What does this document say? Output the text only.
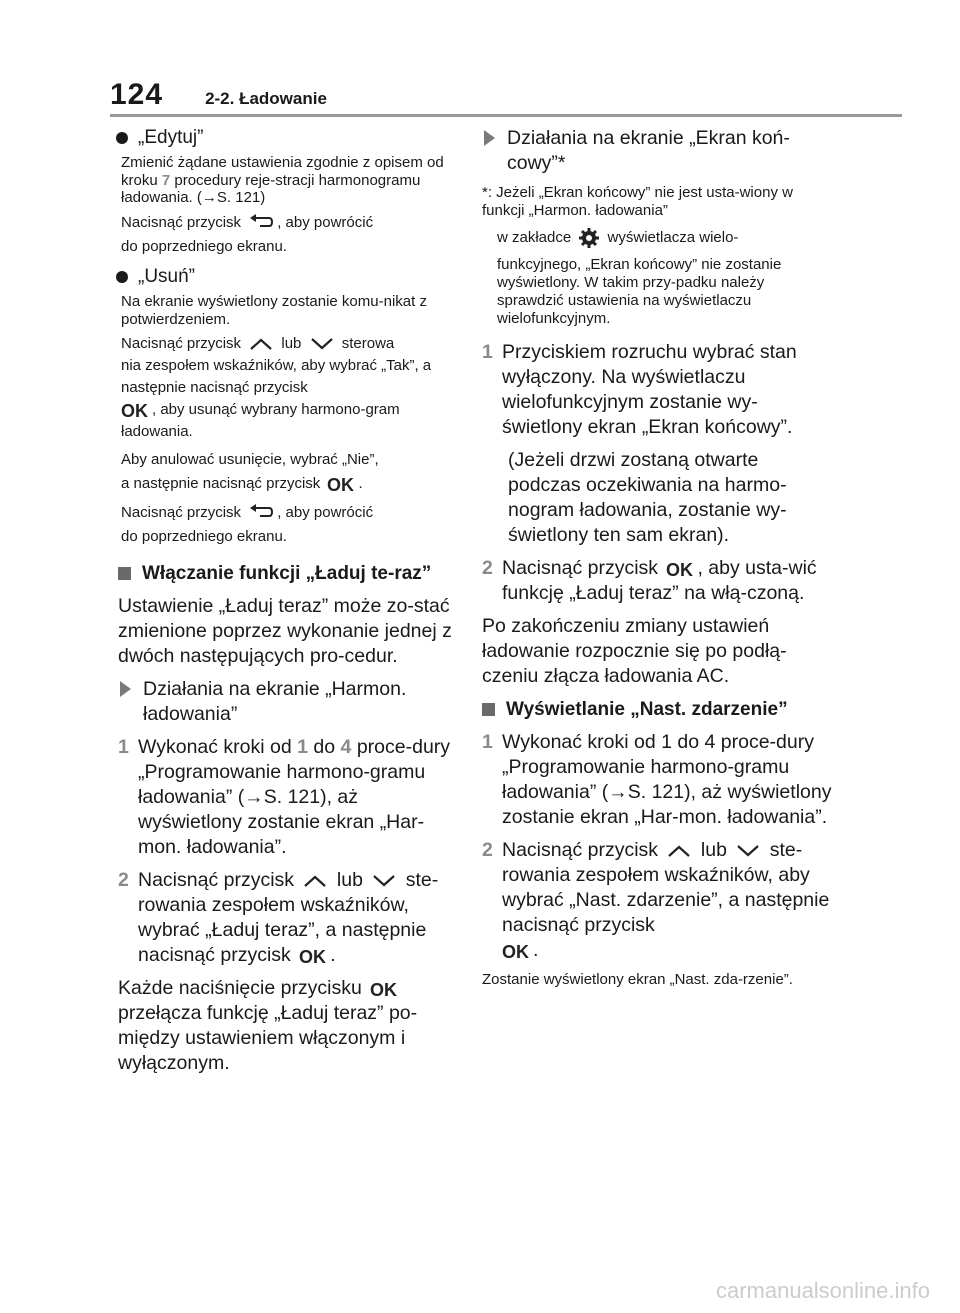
124 2-2. Ładowanie
„Edytuj”
Zmienić żądane ustawienia zgodnie z opisem od kroku 7 procedury reje-stracji harmonogramu ładowania. (→S. 121)
Nacisnąć przycisk , aby powrócić
do poprzedniego ekranu.
„Usuń”
Na ekranie wyświetlony zostanie komu-nikat z potwierdzeniem.
Nacisnąć przycisk	lub	sterowa
nia zespołem wskaźników, aby wybrać „Tak”, a następnie nacisnąć przycisk

OK , aby usunąć wybrany harmono-gram ładowania.
Aby anulować usunięcie, wybrać „Nie”,
a następnie nacisnąć przycisk OK .
Nacisnąć przycisk , aby powrócić
do poprzedniego ekranu.
Włączanie funkcji „Ładuj te-raz”
Ustawienie „Ładuj teraz” może zo-stać zmienione poprzez wykonanie jednej z dwóch następujących pro-cedur.
Działania na ekranie „Harmon. ładowania”
1 Wykonać kroki od 1 do 4 proce-dury „Programowanie harmono-gramu ładowania” (→S. 121), aż wyświetlony zostanie ekran „Har-mon. ładowania”.
2 Nacisnąć przycisk lub ste-rowania zespołem wskaźników, wybrać „Ładuj teraz”, a następnie nacisnąć przycisk OK .
Każde naciśnięcie przycisku OK
przełącza funkcję „Ładuj teraz” po-między ustawieniem włączonym i wyłączonym.
Działania na ekranie „Ekran koń-cowy”*
*: Jeżeli „Ekran końcowy” nie jest usta-wiony w funkcji „Harmon. ładowania”
w zakładce wyświetlacza wielo-
funkcyjnego, „Ekran końcowy” nie zostanie wyświetlony. W takim przy-padku należy sprawdzić ustawienia na wyświetlaczu wielofunkcyjnym.
1 Przyciskiem rozruchu wybrać stan wyłączony. Na wyświetlaczu wielofunkcyjnym zostanie wy-świetlony ekran „Ekran końcowy”.
(Jeżeli drzwi zostaną otwarte podczas oczekiwania na harmo-nogram ładowania, zostanie wy-świetlony ten sam ekran).
2 Nacisnąć przycisk OK , aby usta-wić funkcję „Ładuj teraz” na włą-czoną.
Po zakończeniu zmiany ustawień ładowanie rozpocznie się po podłą-czeniu złącza ładowania AC.
Wyświetlanie „Nast. zdarzenie”
1 Wykonać kroki od 1 do 4 proce-dury „Programowanie harmono-gramu ładowania” (→S. 121), aż wyświetlony zostanie ekran „Har-mon. ładowania”.
2 Nacisnąć przycisk lub ste-rowania zespołem wskaźników, aby wybrać „Nast. zdarzenie”, a następnie nacisnąć przycisk

OK .
Zostanie wyświetlony ekran „Nast. zda-rzenie”.
carmanualsonline.info
